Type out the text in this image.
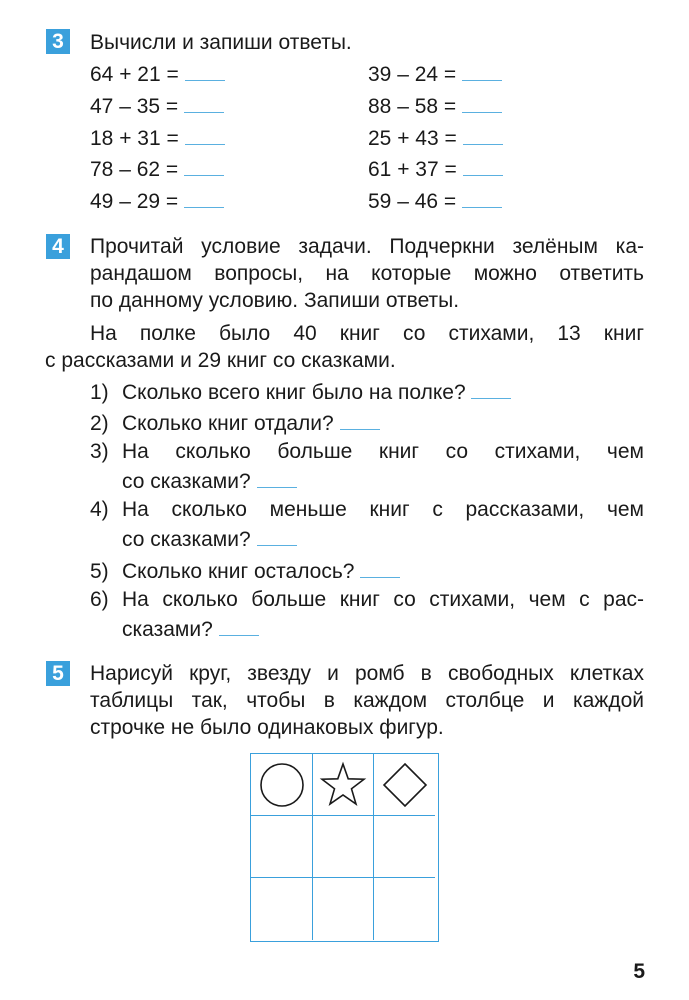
3 Вычисли и запиши ответы.
64 + 21 =
47 – 35 =
18 + 31 =
78 – 62 =
49 – 29 =
39 – 24 =
88 – 58 =
25 + 43 =
61 + 37 =
59 – 46 =
4 Прочитай условие задачи. Подчеркни зелёным ка-
рандашом вопросы, на которые можно ответить
по данному условию. Запиши ответы.
На полке было 40 книг со стихами, 13 книг
с рассказами и 29 книг со сказками.
1) Сколько всего книг было на полке?
2) Сколько книг отдали?
3) На сколько больше книг со стихами, чем
со сказками?
4) На сколько меньше книг с рассказами, чем
со сказками?
5) Сколько книг осталось?
6) На сколько больше книг со стихами, чем с рас-
сказами?
5 Нарисуй круг, звезду и ромб в свободных клетках
таблицы так, чтобы в каждом столбце и каждой
строчке не было одинаковых фигур.
5
